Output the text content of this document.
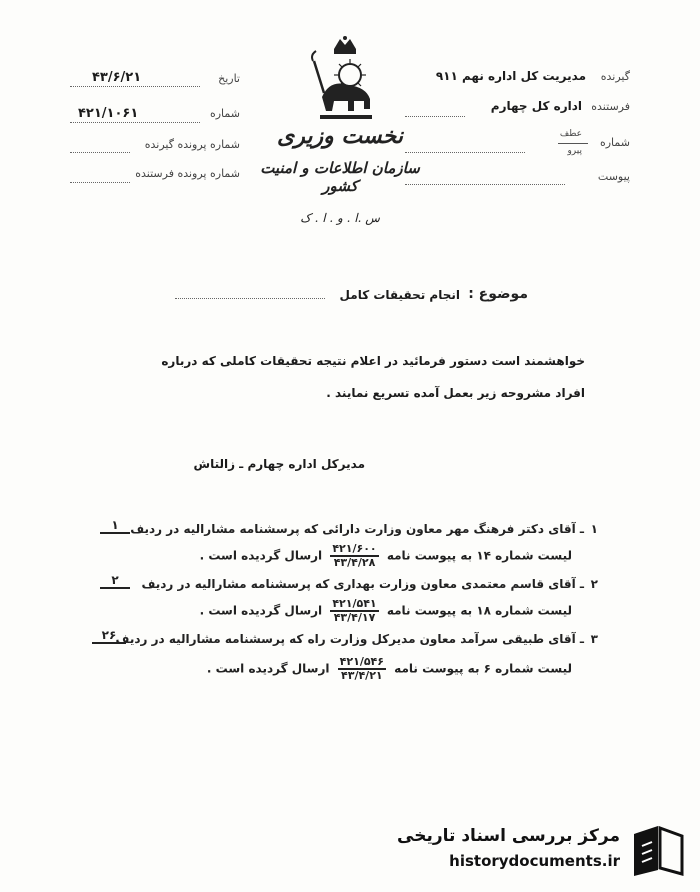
تاریخ
۴۳/۶/۲۱
شماره
۴۲۱/۱۰۶۱
شماره پرونده گیرنده
شماره پرونده فرستنده
نخست وزیری
سازمان اطلاعات و امنیت کشور
س .ا . و . ا . ک
گیرنده
مدیریت کل اداره نهم ۹۱۱
فرستنده
اداره کل چهارم
شماره
عطف
پیرو
پیوست
موضوع :
انجام تحقیقات کامل
خواهشمند است دستور فرمائید در اعلام نتیجه تحقیقات کاملی که درباره
افراد مشروحه زیر بعمل آمده تسریع نمایند .
مدیرکل اداره چهارم ـ زالتاش
۱
ـ آقای دکتر فرهنگ مهر معاون وزارت دارائی که پرسشنامه مشارالیه در ردیف
۱
لیست شماره ۱۴ به پیوست نامه
$\frac{۴۲۱/۶۰۰}{۴۳/۴/۲۸}$
ارسال گردیده است .
۲
ـ آقای قاسم معتمدی معاون وزارت بهداری که پرسشنامه مشارالیه در ردیف
۲
لیست شماره ۱۸ به پیوست نامه
$\frac{۴۲۱/۵۴۱}{۴۳/۴/۱۷}$
ارسال گردیده است .
۳
ـ آقای طبیقی سرآمد معاون مدیرکل وزارت راه که پرسشنامه مشارالیه در ردیف
۲۶
لیست شماره ۶ به پیوست نامه
$\frac{۴۲۱/۵۴۶}{۴۳/۴/۲۱}$
ارسال گردیده است .
مرکز بررسی اسناد تاریخی
historydocuments.ir
